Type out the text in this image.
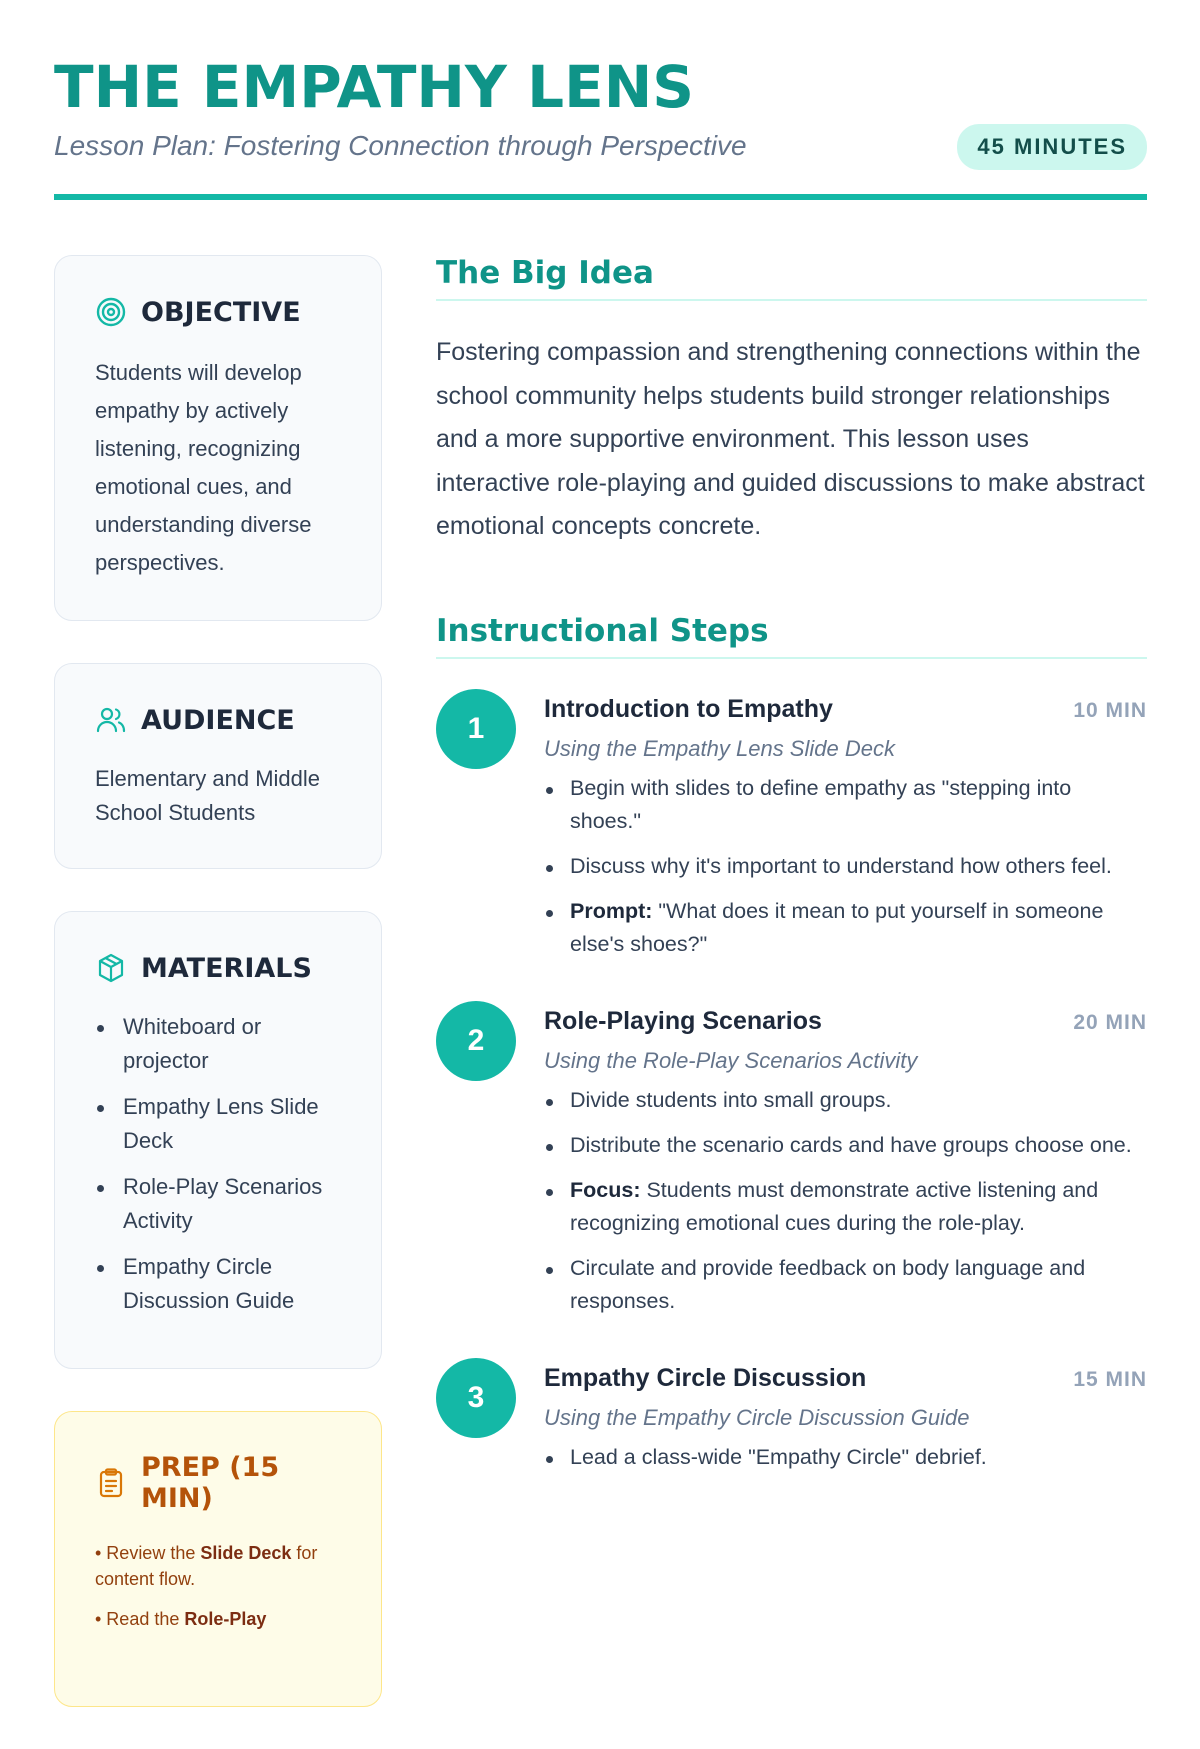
THE EMPATHY LENS
Lesson Plan: Fostering Connection through Perspective	45 MINUTES
OBJECTIVE

Students will develop empathy by actively listening, recognizing emotional cues, and understanding diverse perspectives.

AUDIENCE

Elementary and Middle School Students

MATERIALS
Whiteboard or projector
Empathy Lens Slide Deck
Role-Play Scenarios Activity
Empathy Circle Discussion Guide
PREP (15 MIN)
• Review the Slide Deck for content flow.
• Read the Role-Play
The Big Idea

Fostering compassion and strengthening connections within the school community helps students build stronger relationships and a more supportive environment. This lesson uses interactive role-playing and guided discussions to make abstract emotional concepts concrete.

Instructional Steps
1
Introduction to Empathy	10 MIN
Using the Empathy Lens Slide Deck
Begin with slides to define empathy as "stepping into shoes."
Discuss why it's important to understand how others feel.
Prompt: "What does it mean to put yourself in someone else's shoes?"
2
Role-Playing Scenarios	20 MIN
Using the Role-Play Scenarios Activity
Divide students into small groups.
Distribute the scenario cards and have groups choose one.
Focus: Students must demonstrate active listening and recognizing emotional cues during the role-play.
Circulate and provide feedback on body language and responses.
3
Empathy Circle Discussion	15 MIN
Using the Empathy Circle Discussion Guide
Lead a class-wide "Empathy Circle" debrief.
